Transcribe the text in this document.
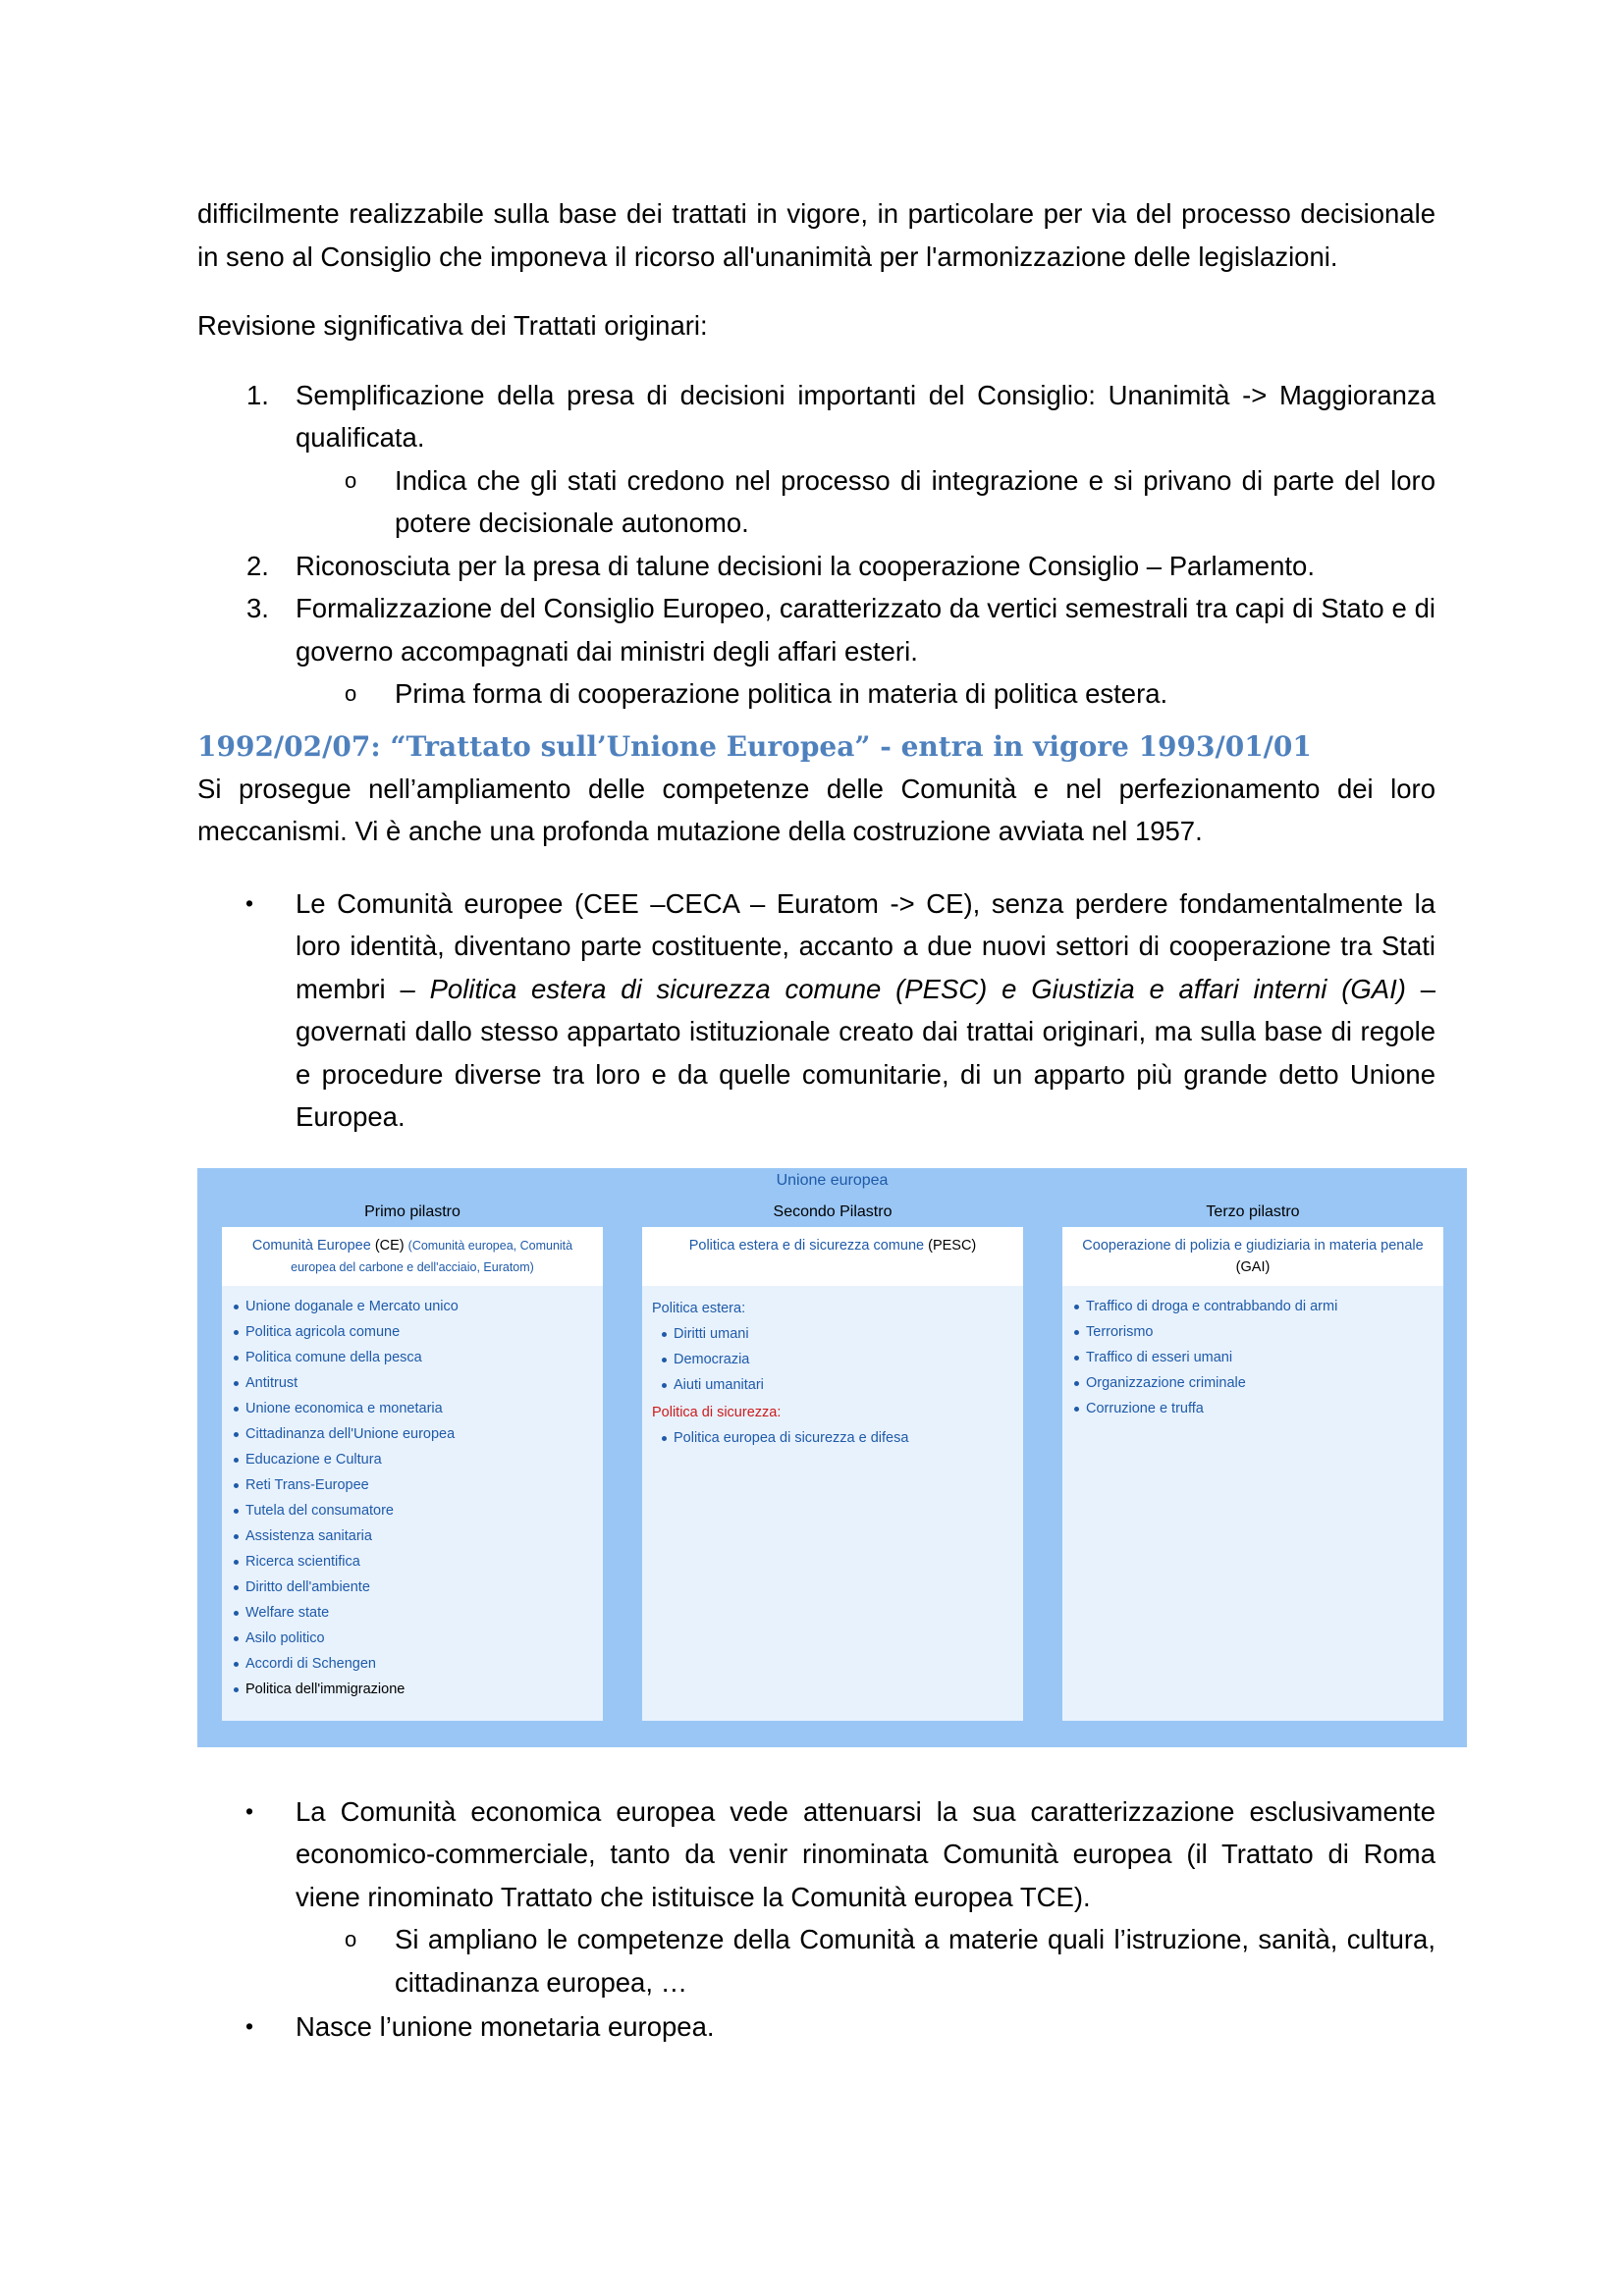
difficilmente realizzabile sulla base dei trattati in vigore, in particolare per via del processo decisionale in seno al Consiglio che imponeva il ricorso all'unanimità per l'armonizzazione delle legislazioni.

Revisione significativa dei Trattati originari:

1. Semplificazione della presa di decisioni importanti del Consiglio: Unanimità -> Maggioranza qualificata.
o Indica che gli stati credono nel processo di integrazione e si privano di parte del loro potere decisionale autonomo.
2. Riconosciuta per la presa di talune decisioni la cooperazione Consiglio – Parlamento.
3. Formalizzazione del Consiglio Europeo, caratterizzato da vertici semestrali tra capi di Stato e di governo accompagnati dai ministri degli affari esteri.
o Prima forma di cooperazione politica in materia di politica estera.
1992/02/07: “Trattato sull’Unione Europea” - entra in vigore 1993/01/01

Si prosegue nell’ampliamento delle competenze delle Comunità e nel perfezionamento dei loro meccanismi. Vi è anche una profonda mutazione della costruzione avviata nel 1957.

• Le Comunità europee (CEE –CECA – Euratom -> CE), senza perdere fondamentalmente la loro identità, diventano parte costituente, accanto a due nuovi settori di cooperazione tra Stati membri – Politica estera di sicurezza comune (PESC) e Giustizia e affari interni (GAI) – governati dallo stesso appartato istituzionale creato dai trattai originari, ma sulla base di regole e procedure diverse tra loro e da quelle comunitarie, di un apparto più grande detto Unione Europea.
Unione europea
Primo pilastro
Comunità Europee (CE) (Comunità europea, Comunità europea del carbone e dell'acciaio, Euratom)
Unione doganale e Mercato unico
Politica agricola comune
Politica comune della pesca
Antitrust
Unione economica e monetaria
Cittadinanza dell'Unione europea
Educazione e Cultura
Reti Trans-Europee
Tutela del consumatore
Assistenza sanitaria
Ricerca scientifica
Diritto dell'ambiente
Welfare state
Asilo politico
Accordi di Schengen
Politica dell'immigrazione
Secondo Pilastro
Politica estera e di sicurezza comune (PESC)
Politica estera:
Diritti umani
Democrazia
Aiuti umanitari
Politica di sicurezza:
Politica europea di sicurezza e difesa
Terzo pilastro
Cooperazione di polizia e giudiziaria in materia penale (GAI)
Traffico di droga e contrabbando di armi
Terrorismo
Traffico di esseri umani
Organizzazione criminale
Corruzione e truffa
• La Comunità economica europea vede attenuarsi la sua caratterizzazione esclusivamente economico-commerciale, tanto da venir rinominata Comunità europea (il Trattato di Roma viene rinominato Trattato che istituisce la Comunità europea TCE).
o Si ampliano le competenze della Comunità a materie quali l’istruzione, sanità, cultura, cittadinanza europea, …
• Nasce l’unione monetaria europea.
